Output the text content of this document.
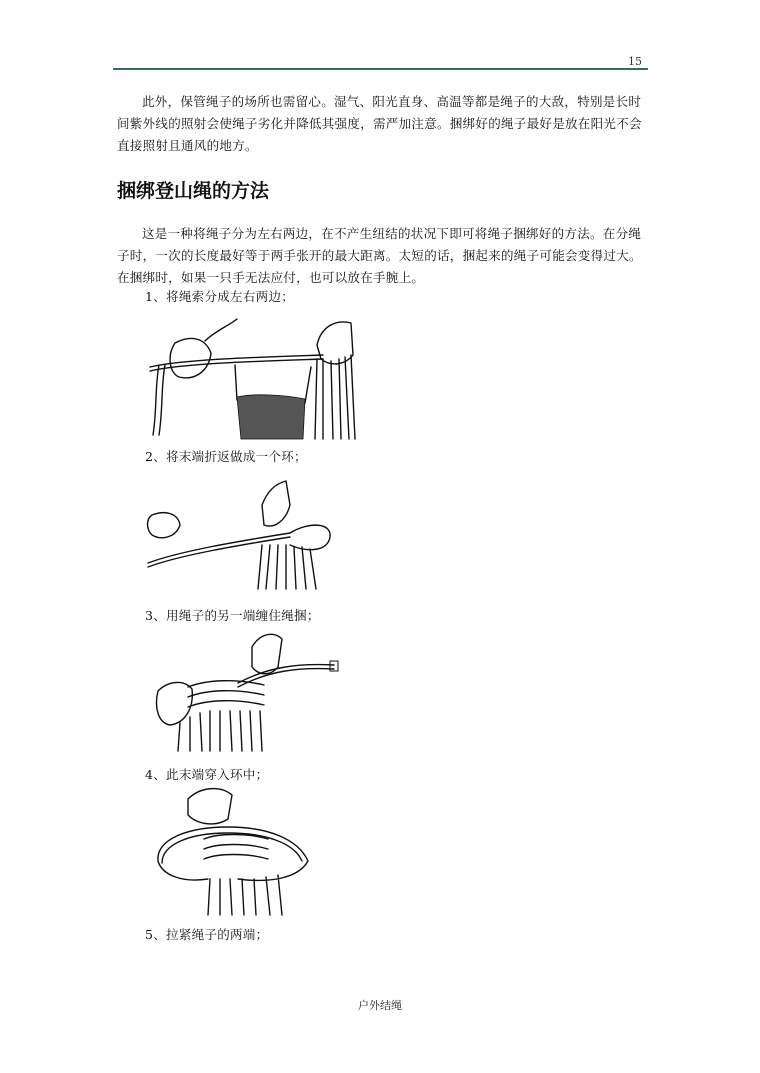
15

此外，保管绳子的场所也需留心。湿气、阳光直身、高温等都是绳子的大敌，特别是长时间紫外线的照射会使绳子劣化并降低其强度，需严加注意。捆绑好的绳子最好是放在阳光不会直接照射且通风的地方。

捆绑登山绳的方法

这是一种将绳子分为左右两边，在不产生纽结的状况下即可将绳子捆绑好的方法。在分绳子时，一次的长度最好等于两手张开的最大距离。太短的话，捆起来的绳子可能会变得过大。在捆绑时，如果一只手无法应付，也可以放在手腕上。

1、将绳索分成左右两边；
2、将末端折返做成一个环；
3、用绳子的另一端缠住绳捆；
4、此末端穿入环中；
5、拉紧绳子的两端；
户外结绳
